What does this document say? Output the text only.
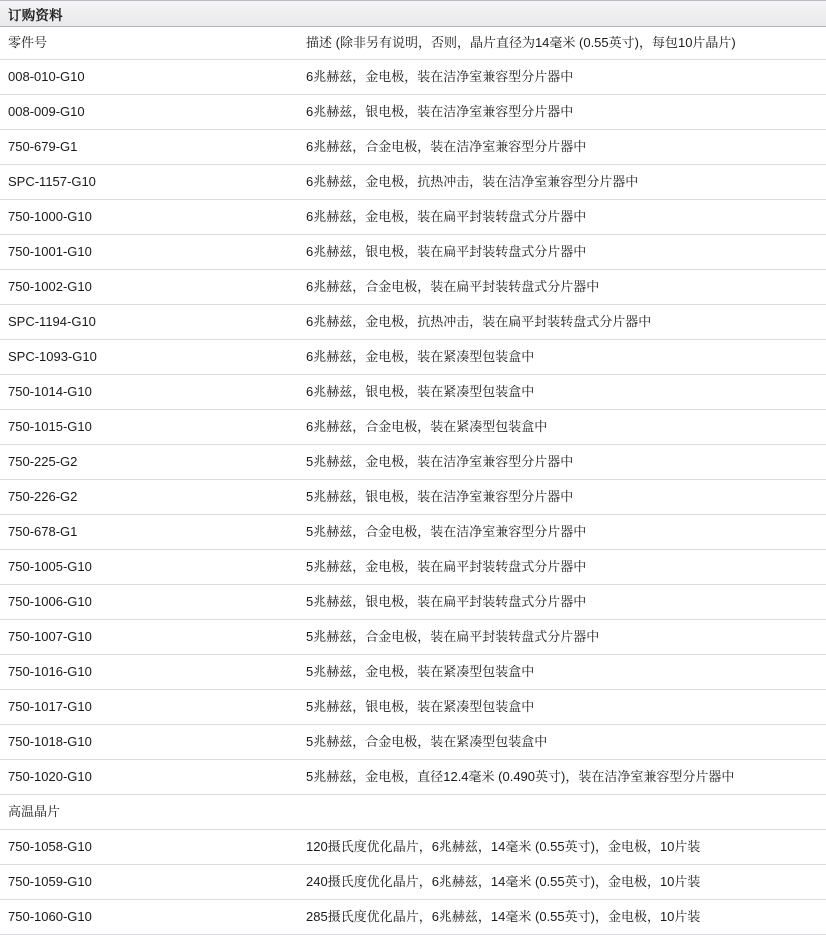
订购资料
零件号	描述 (除非另有说明，否则，晶片直径为14毫米 (0.55英寸)，每包10片晶片)
008-010-G10	6兆赫兹，金电极，装在洁净室兼容型分片器中
008-009-G10	6兆赫兹，银电极，装在洁净室兼容型分片器中
750-679-G1	6兆赫兹，合金电极，装在洁净室兼容型分片器中
SPC-1157-G10	6兆赫兹，金电极，抗热冲击，装在洁净室兼容型分片器中
750-1000-G10	6兆赫兹，金电极，装在扁平封装转盘式分片器中
750-1001-G10	6兆赫兹，银电极，装在扁平封装转盘式分片器中
750-1002-G10	6兆赫兹，合金电极，装在扁平封装转盘式分片器中
SPC-1194-G10	6兆赫兹，金电极，抗热冲击，装在扁平封装转盘式分片器中
SPC-1093-G10	6兆赫兹，金电极，装在紧凑型包装盒中
750-1014-G10	6兆赫兹，银电极，装在紧凑型包装盒中
750-1015-G10	6兆赫兹，合金电极，装在紧凑型包装盒中
750-225-G2	5兆赫兹，金电极，装在洁净室兼容型分片器中
750-226-G2	5兆赫兹，银电极，装在洁净室兼容型分片器中
750-678-G1	5兆赫兹，合金电极，装在洁净室兼容型分片器中
750-1005-G10	5兆赫兹，金电极，装在扁平封装转盘式分片器中
750-1006-G10	5兆赫兹，银电极，装在扁平封装转盘式分片器中
750-1007-G10	5兆赫兹，合金电极，装在扁平封装转盘式分片器中
750-1016-G10	5兆赫兹，金电极，装在紧凑型包装盒中
750-1017-G10	5兆赫兹，银电极，装在紧凑型包装盒中
750-1018-G10	5兆赫兹，合金电极，装在紧凑型包装盒中
750-1020-G10	5兆赫兹，金电极，直径12.4毫米 (0.490英寸)，装在洁净室兼容型分片器中
高温晶片	
750-1058-G10	120摄氏度优化晶片，6兆赫兹，14毫米 (0.55英寸)，金电极，10片装
750-1059-G10	240摄氏度优化晶片，6兆赫兹，14毫米 (0.55英寸)，金电极，10片装
750-1060-G10	285摄氏度优化晶片，6兆赫兹，14毫米 (0.55英寸)，金电极，10片装
